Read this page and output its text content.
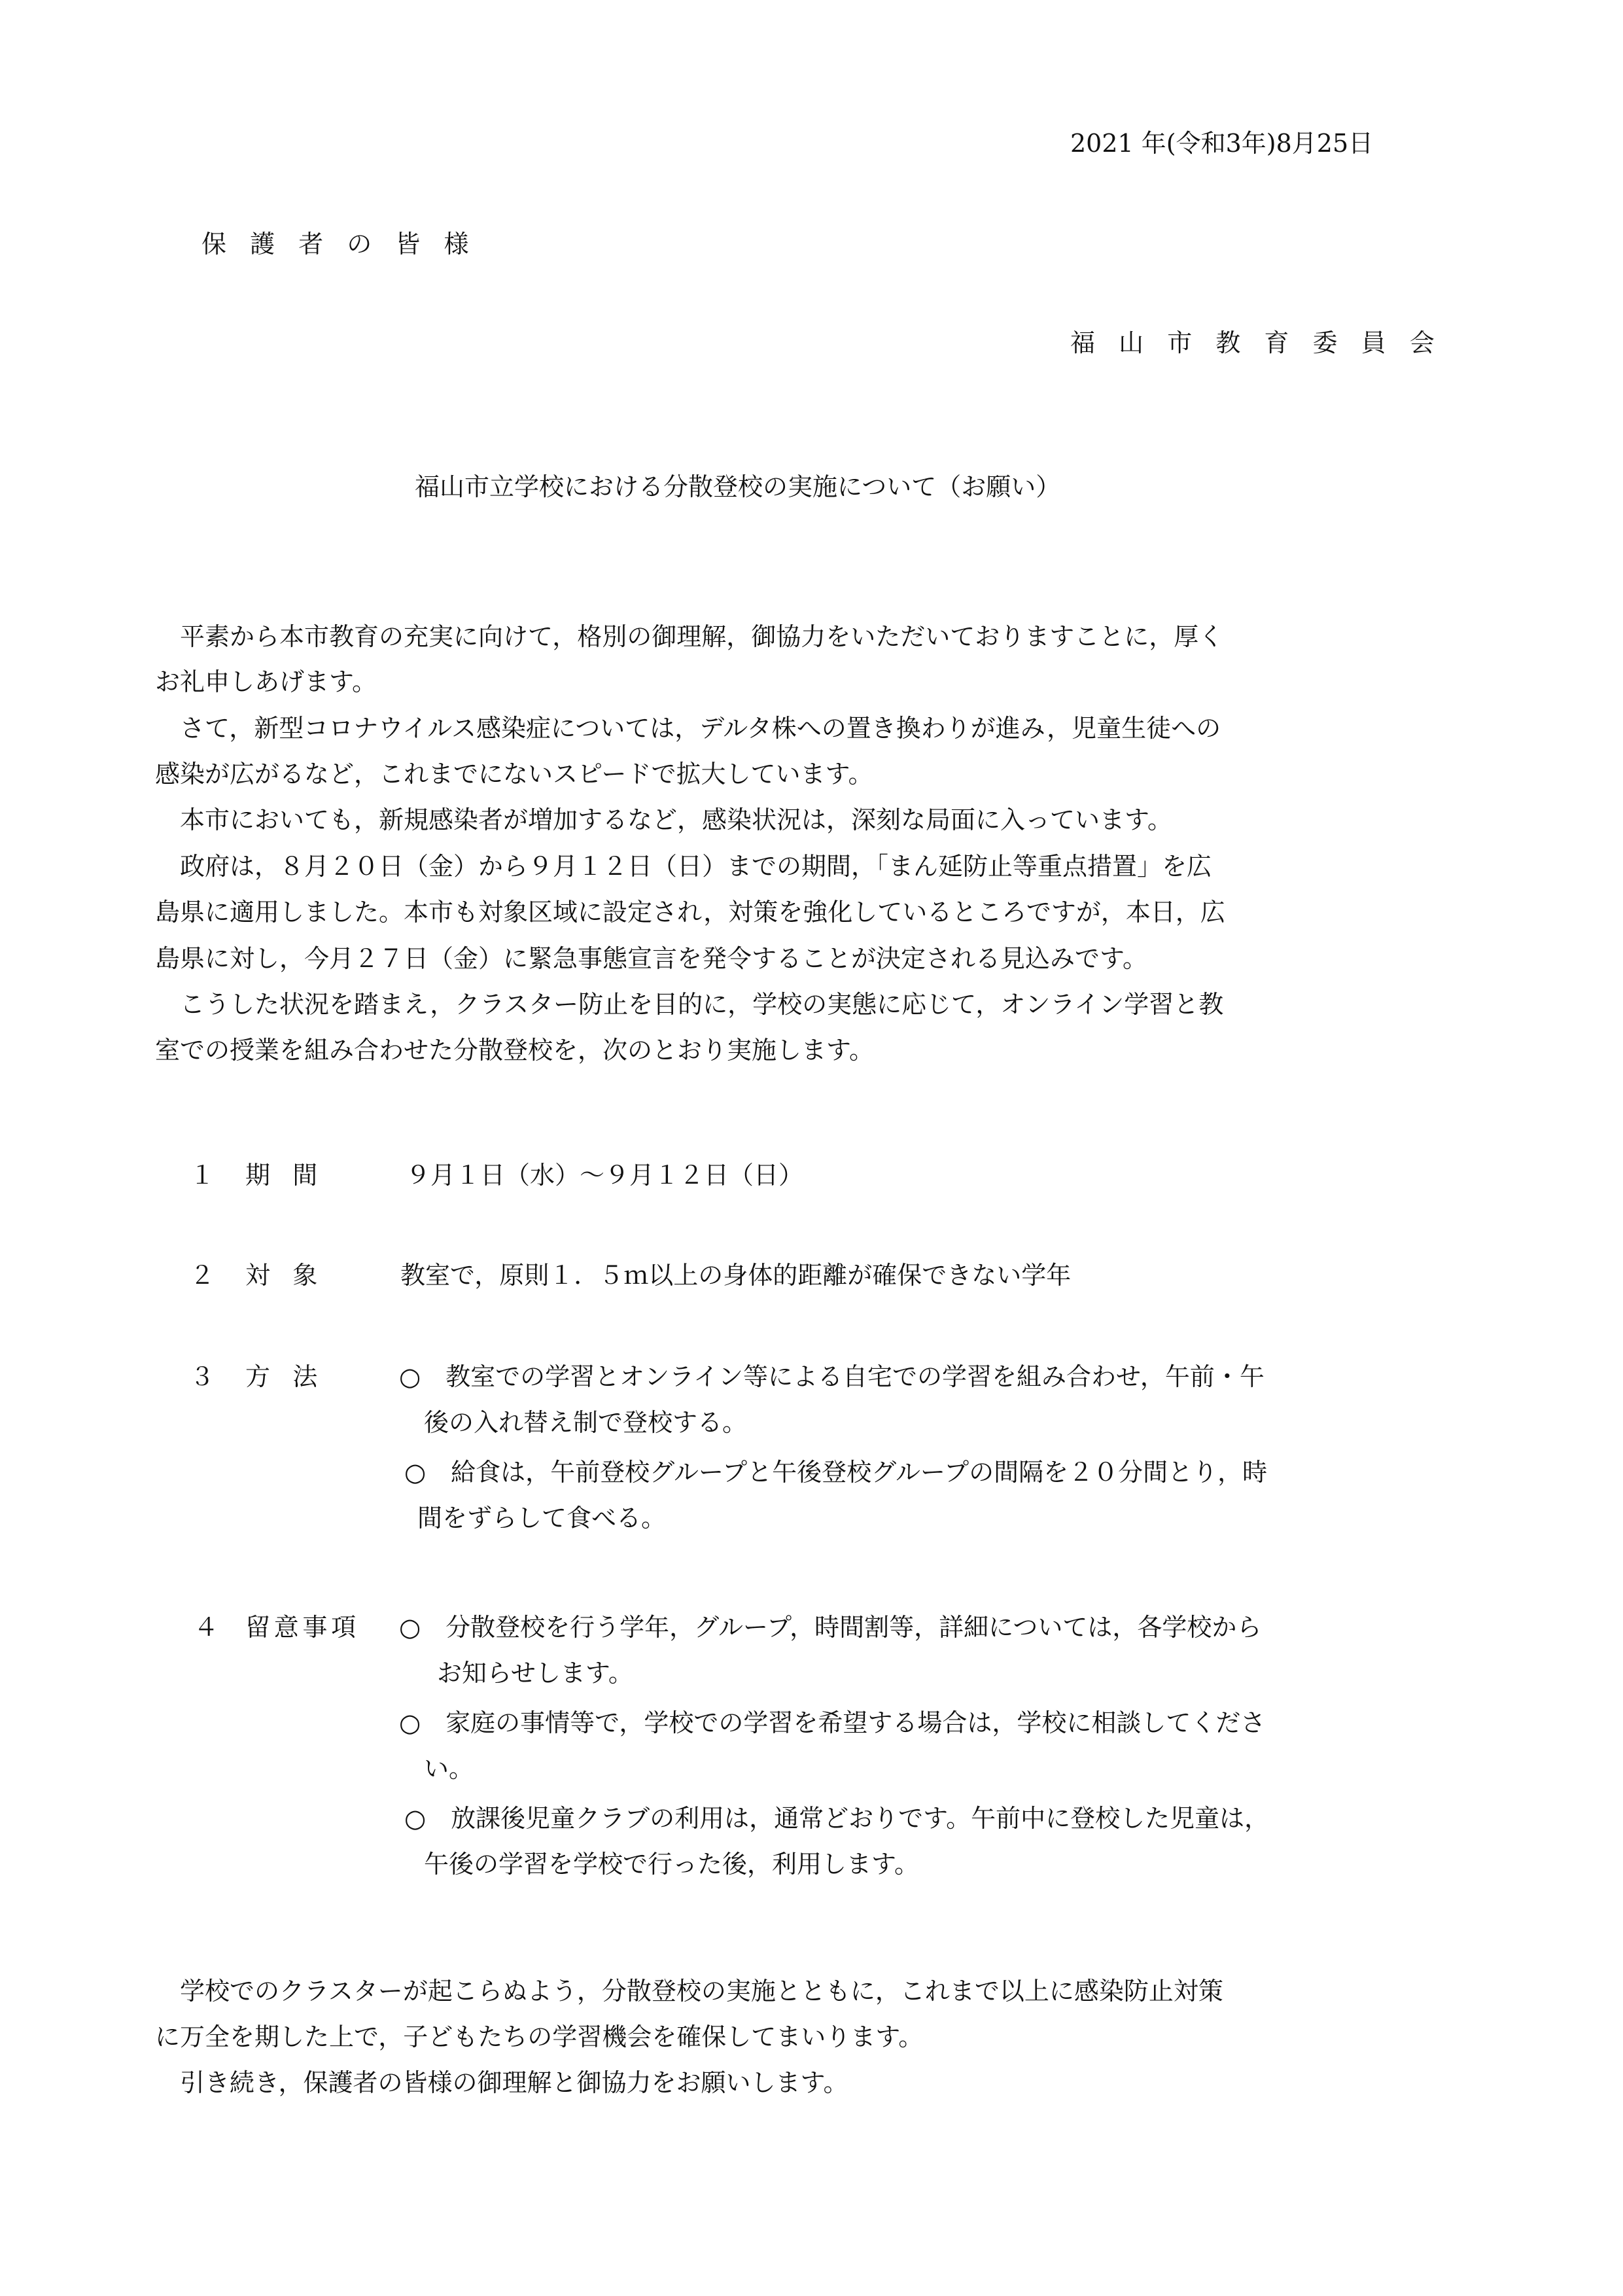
2021 年(令和3年)8月25日
保護者の皆様
福山市教育委員会
福山市立学校における分散登校の実施について（お願い）
　平素から本市教育の充実に向けて，格別の御理解，御協力をいただいておりますことに，厚く
お礼申しあげます。
　さて，新型コロナウイルス感染症については，デルタ株への置き換わりが進み，児童生徒への
感染が広がるなど，これまでにないスピードで拡大しています。
　本市においても，新規感染者が増加するなど，感染状況は，深刻な局面に入っています。
　政府は，８月２０日（金）から９月１２日（日）までの期間，「まん延防止等重点措置」を広
島県に適用しました。本市も対象区域に設定され，対策を強化しているところですが，本日，広
島県に対し，今月２７日（金）に緊急事態宣言を発令することが決定される見込みです。
　こうした状況を踏まえ，クラスター防止を目的に，学校の実態に応じて，オンライン学習と教
室での授業を組み合わせた分散登校を，次のとおり実施します。
１ 期間	９月１日（水）～９月１２日（日）
２ 対象 教室で，原則１．５ｍ以上の身体的距離が確保できない学年
３ 方法 ○　教室での学習とオンライン等による自宅での学習を組み合わせ，午前・午
後の入れ替え制で登校する。
○　給食は，午前登校グループと午後登校グループの間隔を２０分間とり，時
間をずらして食べる。
４ 留意事項 ○　分散登校を行う学年，グループ，時間割等，詳細については，各学校から
お知らせします。
○　家庭の事情等で，学校での学習を希望する場合は，学校に相談してくださ
い。
○　放課後児童クラブの利用は，通常どおりです。午前中に登校した児童は，
午後の学習を学校で行った後，利用します。
　学校でのクラスターが起こらぬよう，分散登校の実施とともに，これまで以上に感染防止対策
に万全を期した上で，子どもたちの学習機会を確保してまいります。
　引き続き，保護者の皆様の御理解と御協力をお願いします。
